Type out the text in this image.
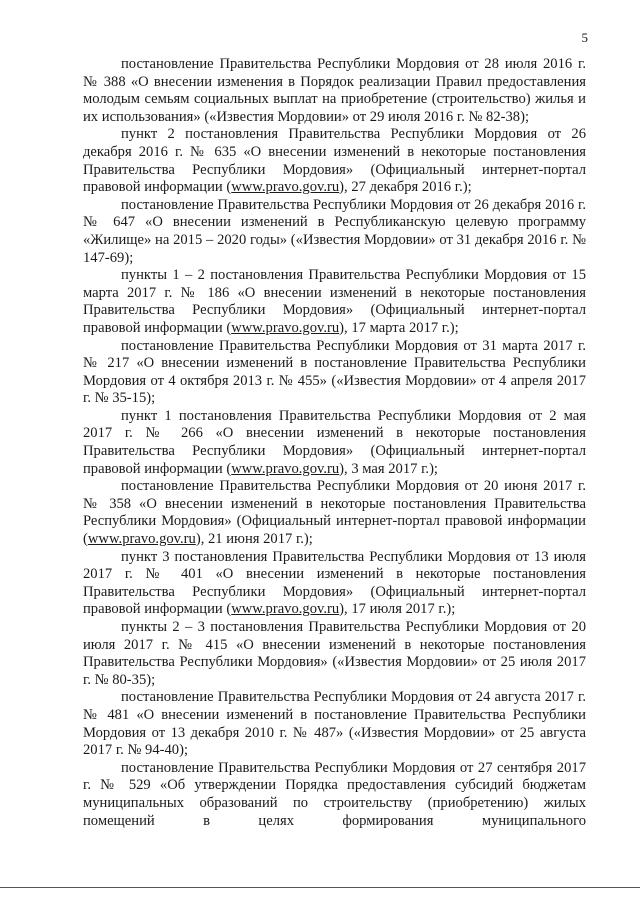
5

постановление Правительства Республики Мордовия от 28 июля 2016 г. № 388 «О внесении изменения в Порядок реализации Правил предоставления молодым семьям социальных выплат на приобретение (строительство) жилья и их использования» («Известия Мордовии» от 29 июля 2016 г. № 82-38);

пункт 2 постановления Правительства Республики Мордовия от 26 декабря 2016 г. № 635 «О внесении изменений в некоторые постановления Правительства Республики Мордовия» (Официальный интернет-портал правовой информации (www.pravo.gov.ru), 27 декабря 2016 г.);

постановление Правительства Республики Мордовия от 26 декабря 2016 г. № 647 «О внесении изменений в Республиканскую целевую программу «Жилище» на 2015 – 2020 годы» («Известия Мордовии» от 31 декабря 2016 г. № 147-69);

пункты 1 – 2 постановления Правительства Республики Мордовия от 15 марта 2017 г. № 186 «О внесении изменений в некоторые постановления Правительства Республики Мордовия» (Официальный интернет-портал правовой информации (www.pravo.gov.ru), 17 марта 2017 г.);

постановление Правительства Республики Мордовия от 31 марта 2017 г. № 217 «О внесении изменений в постановление Правительства Республики Мордовия от 4 октября 2013 г. № 455» («Известия Мордовии» от 4 апреля 2017 г. № 35-15);

пункт 1 постановления Правительства Республики Мордовия от 2 мая 2017 г. № 266 «О внесении изменений в некоторые постановления Правительства Республики Мордовия» (Официальный интернет-портал правовой информации (www.pravo.gov.ru), 3 мая 2017 г.);

постановление Правительства Республики Мордовия от 20 июня 2017 г. № 358 «О внесении изменений в некоторые постановления Правительства Республики Мордовия» (Официальный интернет-портал правовой информации (www.pravo.gov.ru), 21 июня 2017 г.);

пункт 3 постановления Правительства Республики Мордовия от 13 июля 2017 г. № 401 «О внесении изменений в некоторые постановления Правительства Республики Мордовия» (Официальный интернет-портал правовой информации (www.pravo.gov.ru), 17 июля 2017 г.);

пункты 2 – 3 постановления Правительства Республики Мордовия от 20 июля 2017 г. № 415 «О внесении изменений в некоторые постановления Правительства Республики Мордовия» («Известия Мордовии» от 25 июля 2017 г. № 80-35);

постановление Правительства Республики Мордовия от 24 августа 2017 г. № 481 «О внесении изменений в постановление Правительства Республики Мордовия от 13 декабря 2010 г. № 487» («Известия Мордовии» от 25 августа 2017 г. № 94-40);

постановление Правительства Республики Мордовия от 27 сентября 2017 г. № 529 «Об утверждении Порядка предоставления субсидий бюджетам муниципальных образований по строительству (приобретению) жилых помещений в целях формирования муниципального
